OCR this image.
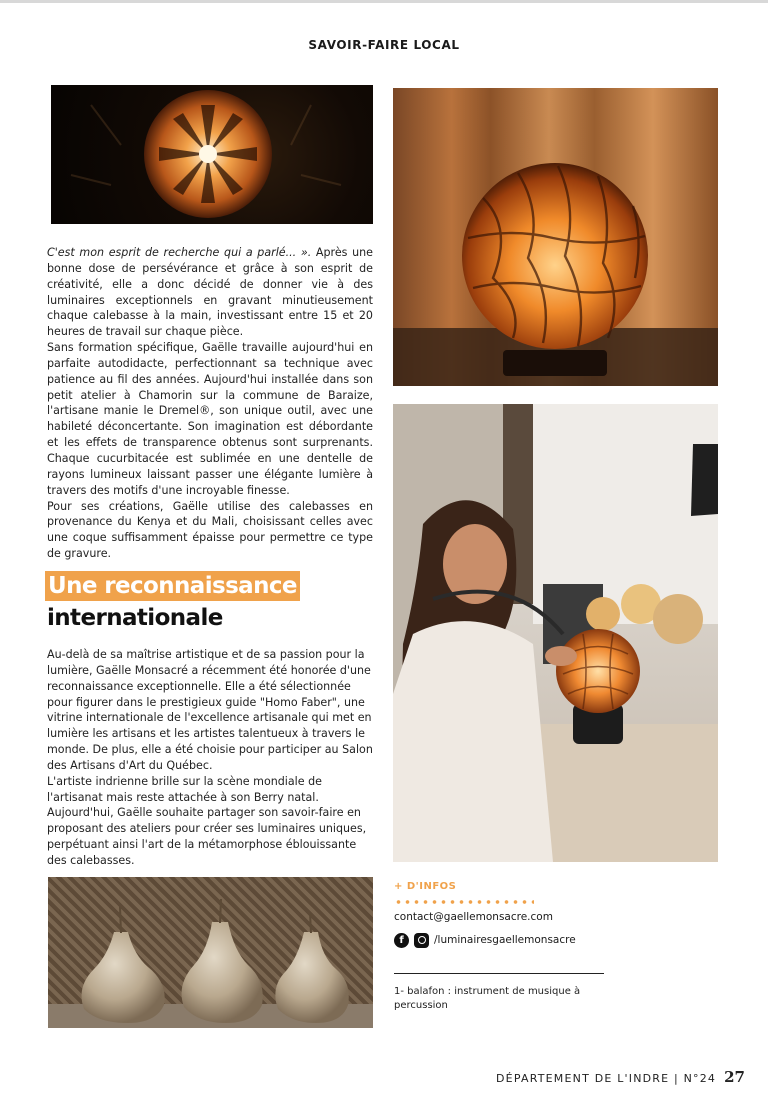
SAVOIR-FAIRE LOCAL

C'est mon esprit de recherche qui a parlé... ». Après une bonne dose de persévérance et grâce à son esprit de créativité, elle a donc décidé de donner vie à des luminaires exceptionnels en gravant minutieusement chaque calebasse à la main, investissant entre 15 et 20 heures de travail sur chaque pièce.

Sans formation spécifique, Gaëlle travaille aujourd'hui en parfaite autodidacte, perfectionnant sa technique avec patience au fil des années. Aujourd'hui installée dans son petit atelier à Chamorin sur la commune de Baraize, l'artisane manie le Dremel®, son unique outil, avec une habileté déconcertante. Son imagination est débordante et les effets de transparence obtenus sont surprenants. Chaque cucurbitacée est sublimée en une dentelle de rayons lumineux laissant passer une élégante lumière à travers des motifs d'une incroyable finesse.

Pour ses créations, Gaëlle utilise des calebasses en provenance du Kenya et du Mali, choisissant celles avec une coque suffisamment épaisse pour permettre ce type de gravure.

Une reconnaissance
internationale

Au-delà de sa maîtrise artistique et de sa passion pour la lumière, Gaëlle Monsacré a récemment été honorée d'une reconnaissance exceptionnelle. Elle a été sélectionnée pour figurer dans le prestigieux guide "Homo Faber", une vitrine internationale de l'excellence artisanale qui met en lumière les artisans et les artistes talentueux à travers le monde. De plus, elle a été choisie pour participer au Salon des Artisans d'Art du Québec.

L'artiste indrienne brille sur la scène mondiale de l'artisanat mais reste attachée à son Berry natal. Aujourd'hui, Gaëlle souhaite partager son savoir-faire en proposant des ateliers pour créer ses luminaires uniques, perpétuant ainsi l'art de la métamorphose éblouissante des calebasses.

+ D'INFOS
contact@gaellemonsacre.com
f	/luminairesgaellemonsacre
1- balafon : instrument de musique à percussion
DÉPARTEMENT DE L'INDRE | N°24 27
